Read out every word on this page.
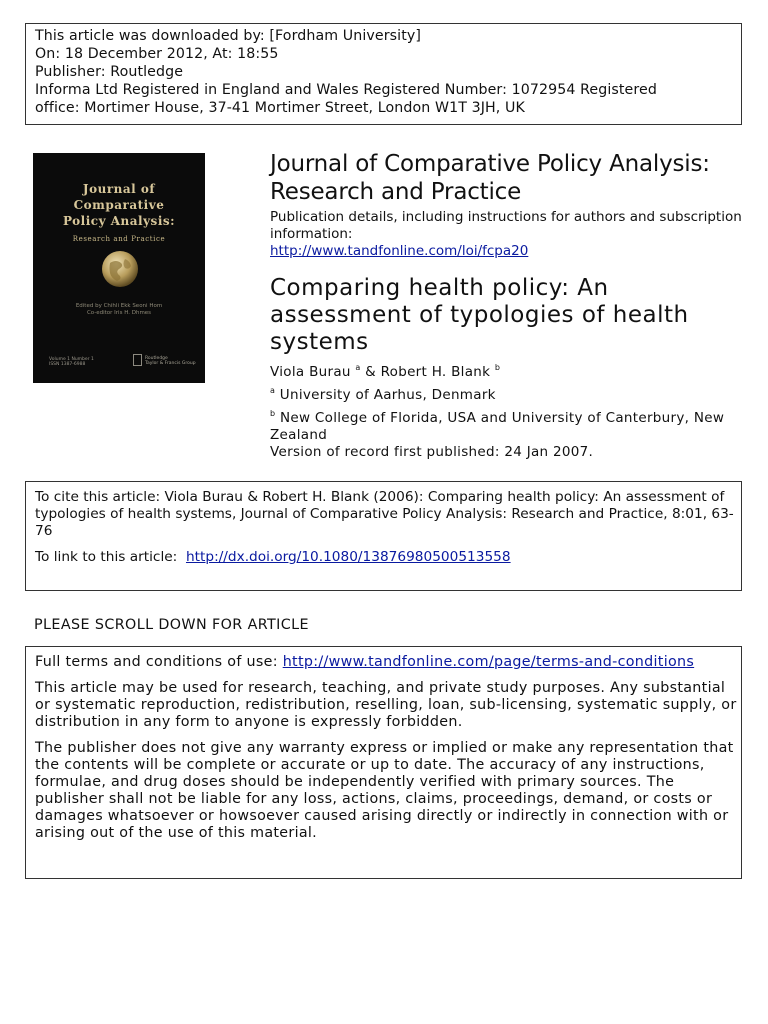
This article was downloaded by: [Fordham University]
On: 18 December 2012, At: 18:55
Publisher: Routledge
Informa Ltd Registered in England and Wales Registered Number: 1072954 Registered
office: Mortimer House, 37-41 Mortimer Street, London W1T 3JH, UK
Journal of
Comparative
Policy Analysis:
Research and Practice
Edited by Chihli Ekk Seoni Hom
Co-editor Iris H. Dhmes
Volume 1 Number 1
ISSN 1387-6988
Routledge
Taylor & Francis Group
Journal of Comparative Policy Analysis:
Research and Practice
Publication details, including instructions for authors and subscription information:
http://www.tandfonline.com/loi/fcpa20
Comparing health policy: An assessment of typologies of health systems
Viola Burau $^a$ & Robert H. Blank $^b$
$^a$ University of Aarhus, Denmark
$^b$ New College of Florida, USA and University of Canterbury, New Zealand
Version of record first published: 24 Jan 2007.

To cite this article: Viola Burau & Robert H. Blank (2006): Comparing health policy: An assessment of typologies of health systems, Journal of Comparative Policy Analysis: Research and Practice, 8:01, 63-76

To link to this article: http://dx.doi.org/10.1080/13876980500513558

PLEASE SCROLL DOWN FOR ARTICLE

Full terms and conditions of use: http://www.tandfonline.com/page/terms-and-conditions

This article may be used for research, teaching, and private study purposes. Any substantial or systematic reproduction, redistribution, reselling, loan, sub-licensing, systematic supply, or distribution in any form to anyone is expressly forbidden.

The publisher does not give any warranty express or implied or make any representation that the contents will be complete or accurate or up to date. The accuracy of any instructions, formulae, and drug doses should be independently verified with primary sources. The publisher shall not be liable for any loss, actions, claims, proceedings, demand, or costs or damages whatsoever or howsoever caused arising directly or indirectly in connection with or arising out of the use of this material.
